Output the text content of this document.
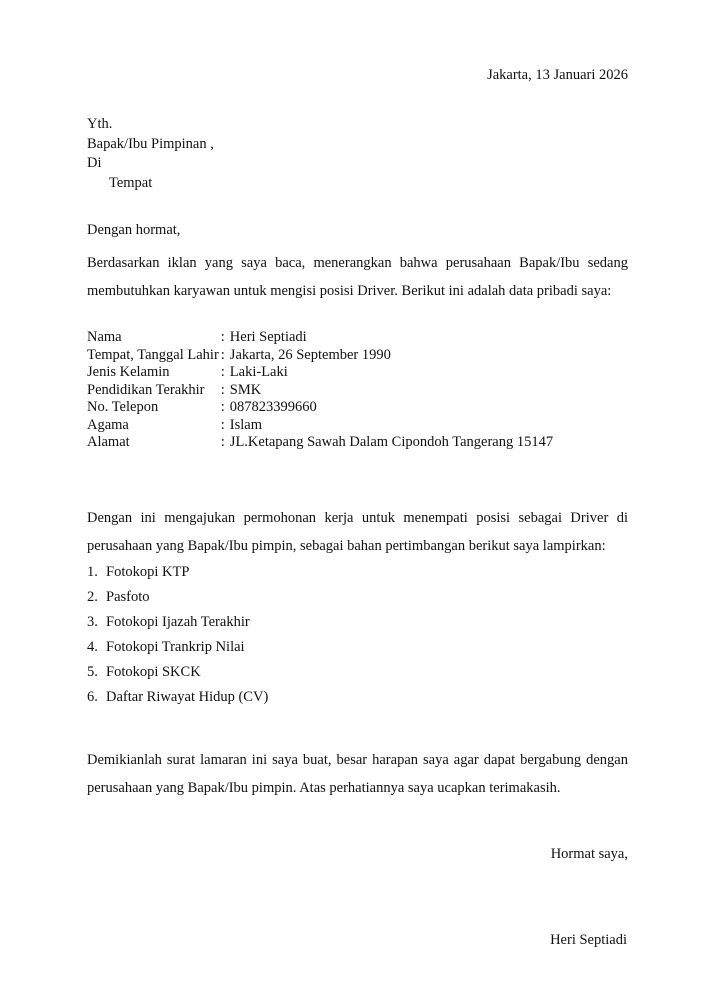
Jakarta, 13 Januari 2026
Yth.
Bapak/Ibu Pimpinan ,
Di
Tempat
Dengan hormat,
Berdasarkan iklan yang saya baca, menerangkan bahwa perusahaan Bapak/Ibu sedang membutuhkan karyawan untuk mengisi posisi Driver. Berikut ini adalah data pribadi saya:
Nama	:	Heri Septiadi
Tempat, Tanggal Lahir	:	Jakarta, 26 September 1990
Jenis Kelamin	:	Laki-Laki
Pendidikan Terakhir	:	SMK
No. Telepon	:	087823399660
Agama	:	Islam
Alamat	:	JL.Ketapang Sawah Dalam Cipondoh Tangerang 15147
Dengan ini mengajukan permohonan kerja untuk menempati posisi sebagai Driver di perusahaan yang Bapak/Ibu pimpin, sebagai bahan pertimbangan berikut saya lampirkan:
1. Fotokopi KTP
2. Pasfoto
3. Fotokopi Ijazah Terakhir
4. Fotokopi Trankrip Nilai
5. Fotokopi SKCK
6. Daftar Riwayat Hidup (CV)
Demikianlah surat lamaran ini saya buat, besar harapan saya agar dapat bergabung dengan perusahaan yang Bapak/Ibu pimpin. Atas perhatiannya saya ucapkan terimakasih.
Hormat saya,
Heri Septiadi
